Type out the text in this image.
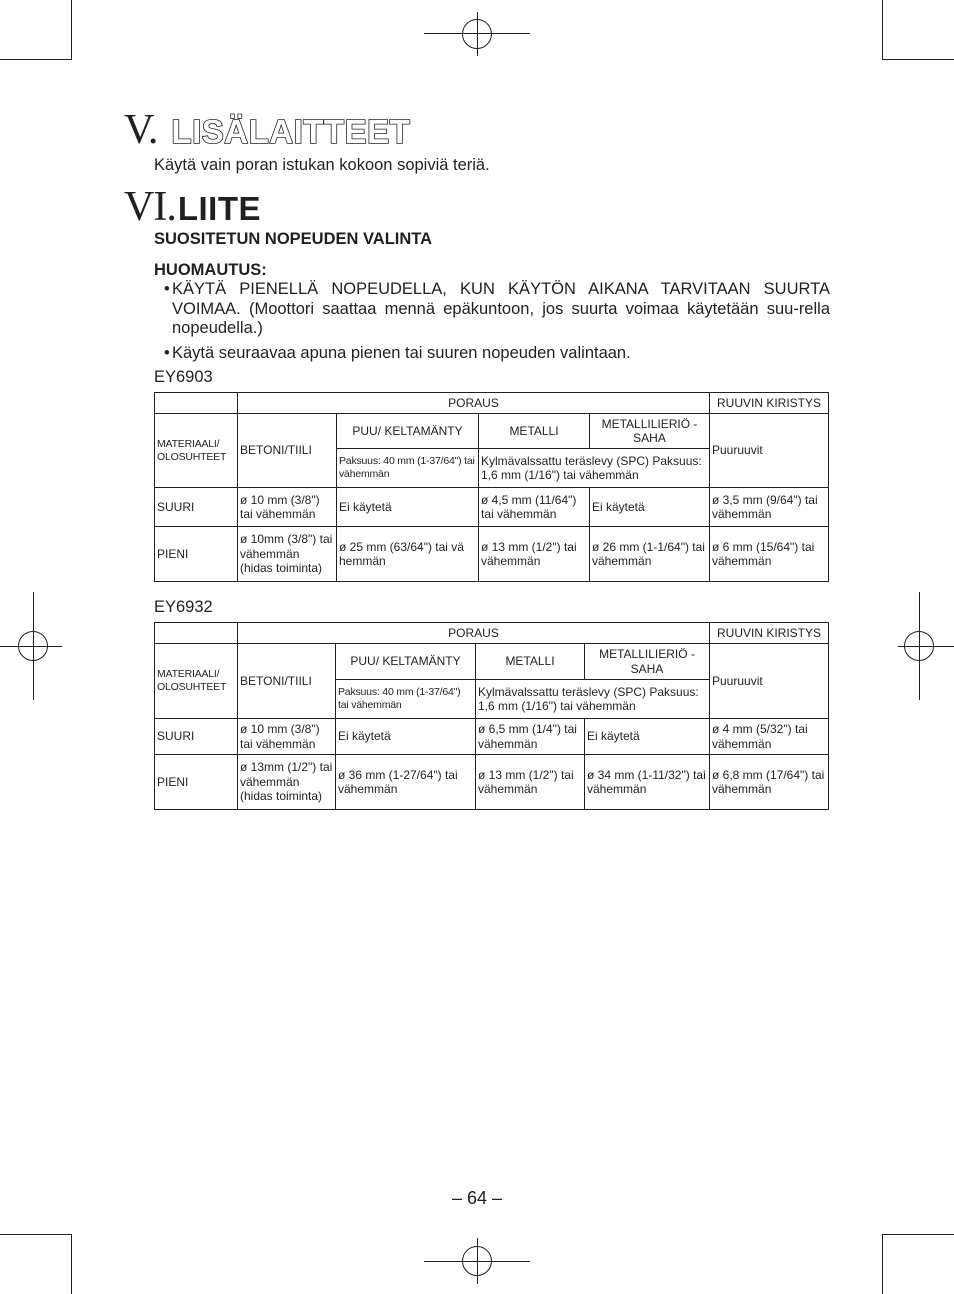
V. LISÄLAITTEET
Käytä vain poran istukan kokoon sopiviä teriä.
VI. LIITE
SUOSITETUN NOPEUDEN VALINTA
HUOMAUTUS:
• KÄYTÄ PIENELLÄ NOPEUDELLA, KUN KÄYTÖN AIKANA TARVITAAN SUURTA VOIMAA. (Moottori saattaa mennä epäkuntoon, jos suurta voimaa käytetään suu-rella nopeudella.)
• Käytä seuraavaa apuna pienen tai suuren nopeuden valintaan.
EY6903
	PORAUS				RUUVIN KIRISTYS
MATERIAALI/ OLOSUHTEET	BETONI/TIILI	PUU/ KELTAMÄNTY	METALLI	METALLILIERIÖ -SAHA	Puuruuvit
		Paksuus: 40 mm (1-37/64") tai vähemmän	Kylmävalssattu teräslevy (SPC) Paksuus: 1,6 mm (1/16") tai vähemmän		
SUURI	ø 10 mm (3/8") tai vähemmän	Ei käytetä	ø 4,5 mm (11/64") tai vähemmän	Ei käytetä	ø 3,5 mm (9/64") tai vähemmän
PIENI	ø 10mm (3/8") tai vähemmän (hidas toiminta)	ø 25 mm (63/64") tai vä hemmän	ø 13 mm (1/2") tai vähemmän	ø 26 mm (1-1/64") tai vähemmän	ø 6 mm (15/64") tai vähemmän
EY6932
	PORAUS				RUUVIN KIRISTYS
MATERIAALI/ OLOSUHTEET	BETONI/TIILI	PUU/ KELTAMÄNTY	METALLI	METALLILIERIÖ -SAHA	Puuruuvit
		Paksuus: 40 mm (1-37/64") tai vähemmän	Kylmävalssattu teräslevy (SPC) Paksuus: 1,6 mm (1/16") tai vähemmän		
SUURI	ø 10 mm (3/8") tai vähemmän	Ei käytetä	ø 6,5 mm (1/4") tai vähemmän	Ei käytetä	ø 4 mm (5/32") tai vähemmän
PIENI	ø 13mm (1/2") tai vähemmän (hidas toiminta)	ø 36 mm (1-27/64") tai vähemmän	ø 13 mm (1/2") tai vähemmän	ø 34 mm (1-11/32") tai vähemmän	ø 6,8 mm (17/64") tai vähemmän
– 64 –
